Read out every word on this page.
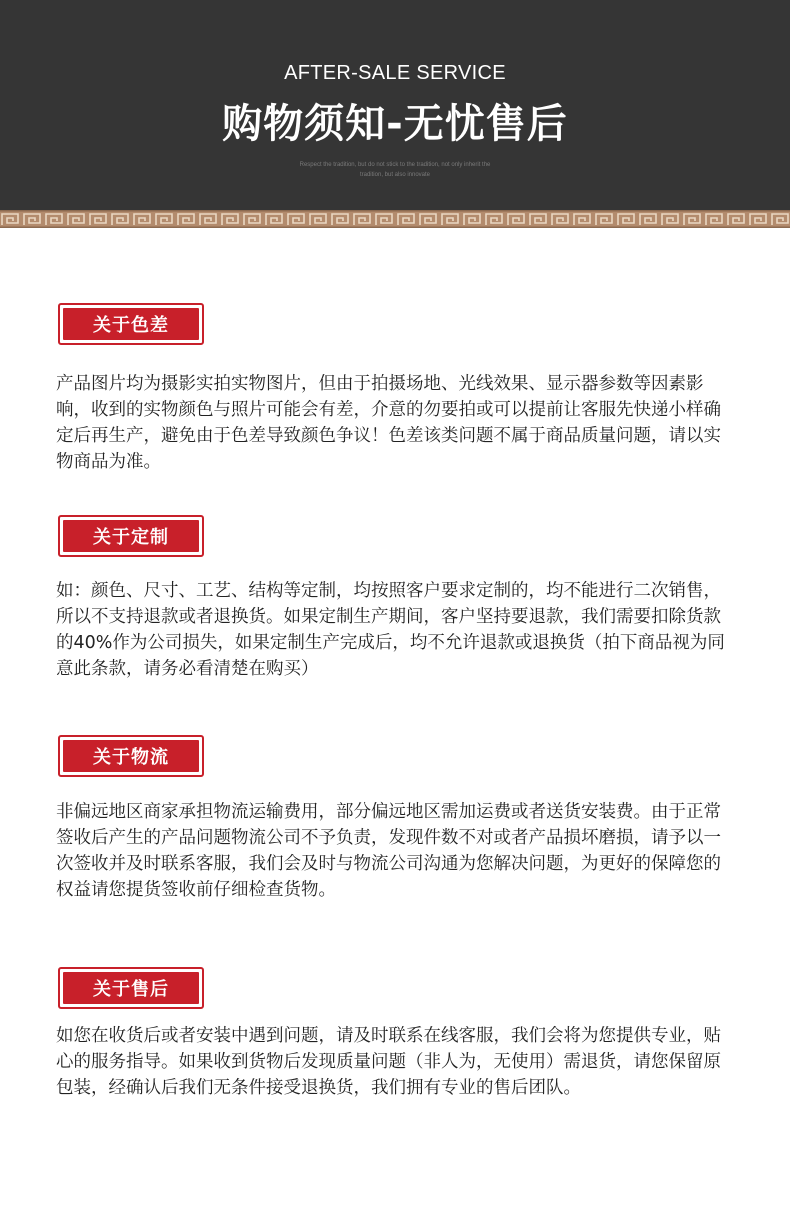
AFTER-SALE SERVICE
购物须知-无忧售后
Respect the tradition, but do not stick to the tradition, not only inherit the
tradition, but also innovate
关于色差
产品图片均为摄影实拍实物图片，但由于拍摄场地、光线效果、显示器参数等因素影响，收到的实物颜色与照片可能会有差，介意的勿要拍或可以提前让客服先快递小样确定后再生产，避免由于色差导致颜色争议！色差该类问题不属于商品质量问题，请以实物商品为准。
关于定制
如：颜色、尺寸、工艺、结构等定制，均按照客户要求定制的，均不能进行二次销售，所以不支持退款或者退换货。如果定制生产期间，客户坚持要退款，我们需要扣除货款的40%作为公司损失，如果定制生产完成后，均不允许退款或退换货（拍下商品视为同意此条款，请务必看清楚在购买）
关于物流
非偏远地区商家承担物流运输费用，部分偏远地区需加运费或者送货安装费。由于正常签收后产生的产品问题物流公司不予负责，发现件数不对或者产品损坏磨损，请予以一次签收并及时联系客服，我们会及时与物流公司沟通为您解决问题，为更好的保障您的权益请您提货签收前仔细检查货物。
关于售后
如您在收货后或者安装中遇到问题，请及时联系在线客服，我们会将为您提供专业，贴心的服务指导。如果收到货物后发现质量问题（非人为，无使用）需退货，请您保留原包装，经确认后我们无条件接受退换货，我们拥有专业的售后团队。
